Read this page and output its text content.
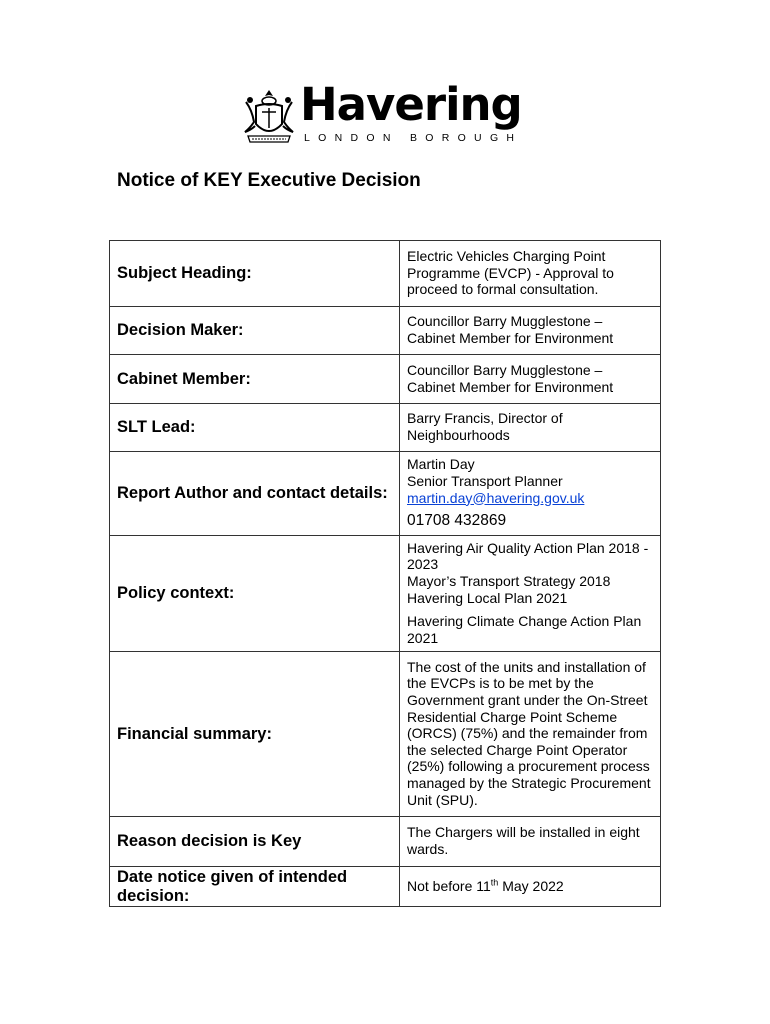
Havering
LONDON BOROUGH
Notice of KEY Executive Decision
Subject Heading:	Electric Vehicles Charging Point Programme (EVCP) - Approval to proceed to formal consultation.
Decision Maker:	Councillor Barry Mugglestone –
Cabinet Member for Environment

Cabinet Member:	Councillor Barry Mugglestone –
Cabinet Member for Environment

SLT Lead:	Barry Francis, Director of
Neighbourhoods

Report Author and contact details:	Martin Day
Senior Transport Planner
martin.day@havering.gov.uk
01708 432869

Policy context:	Havering Air Quality Action Plan 2018 - 2023
Mayor’s Transport Strategy 2018
Havering Local Plan 2021
Havering Climate Change Action Plan 2021

Financial summary:	The cost of the units and installation of the EVCPs is to be met by the Government grant under the On-Street Residential Charge Point Scheme (ORCS) (75%) and the remainder from the selected Charge Point Operator (25%) following a procurement process managed by the Strategic Procurement Unit (SPU).
Reason decision is Key	The Chargers will be installed in eight wards.
Date notice given of intended decision:	Not before 11th May 2022
